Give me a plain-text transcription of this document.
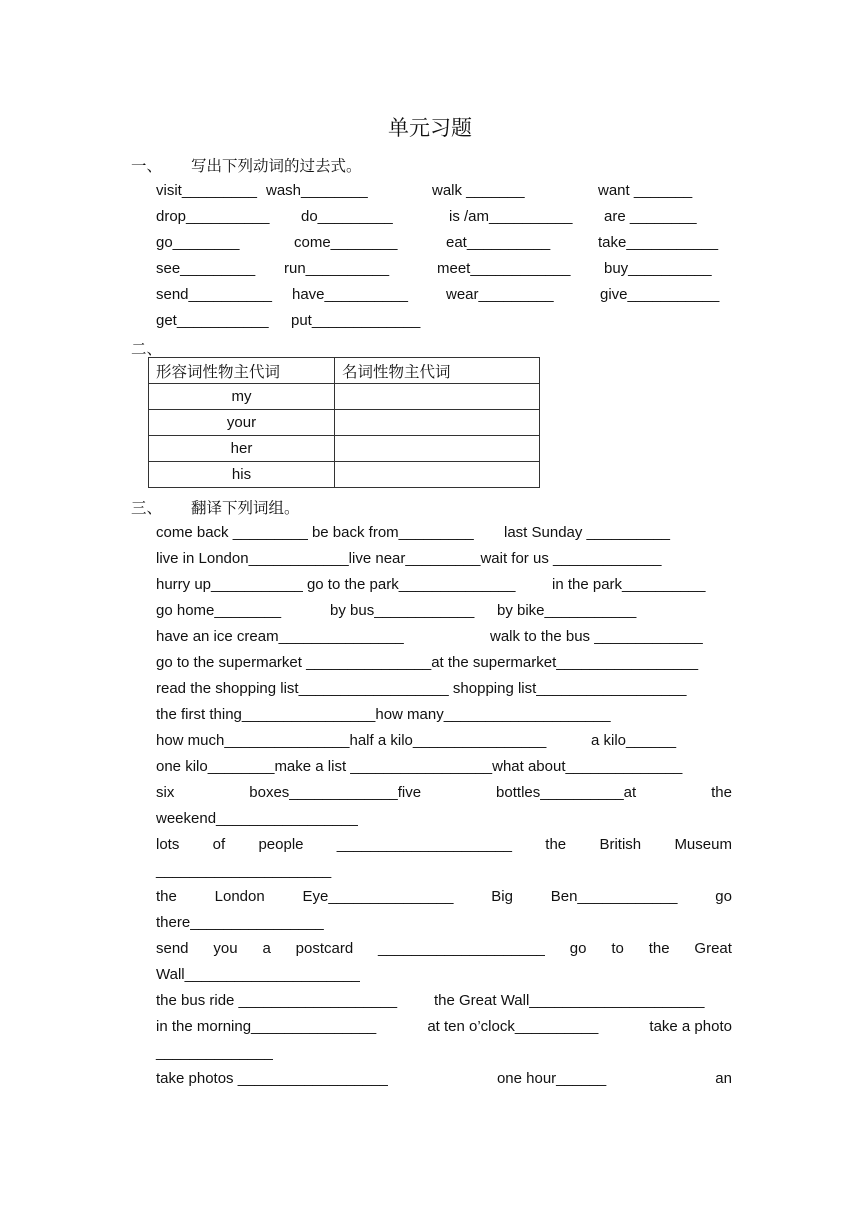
单元习题
一、 写出下列动词的过去式。
visit_________ wash________	walk _______	want _______
drop__________ do_________	is /am__________ are ________
go________	come________	eat__________	take___________
see_________ run__________	meet____________ buy__________
send__________ have__________	wear_________	give___________
get___________ put_____________
二、
形容词性物主代词	名词性物主代词
my	
your	
her	
his	
三、 翻译下列词组。
come back _________ be back from_________ last Sunday __________
live in London____________live near_________wait for us _____________
hurry up___________ go to the park______________ in the park__________
go home________	by bus____________ by bike___________
have an ice cream_______________	walk to the bus _____________
go to the supermarket _______________at the supermarket_________________
read the shopping list__________________ shopping list__________________
the first thing________________how many____________________
how much_______________half a kilo________________	a kilo______
one kilo________make a list _________________what about______________
six	boxes_____________five	bottles__________at	the
weekend_________________
lots of people _____________________ the British Museum
_____________________
the	London	Eye_______________	Big	Ben____________	go
there________________
send you a postcard ____________________ go to the Great
Wall_____________________
the bus ride ___________________ the Great Wall_____________________
in the morning_______________	at ten o’clock__________	take a photo
______________
take photos __________________	one hour______	an
